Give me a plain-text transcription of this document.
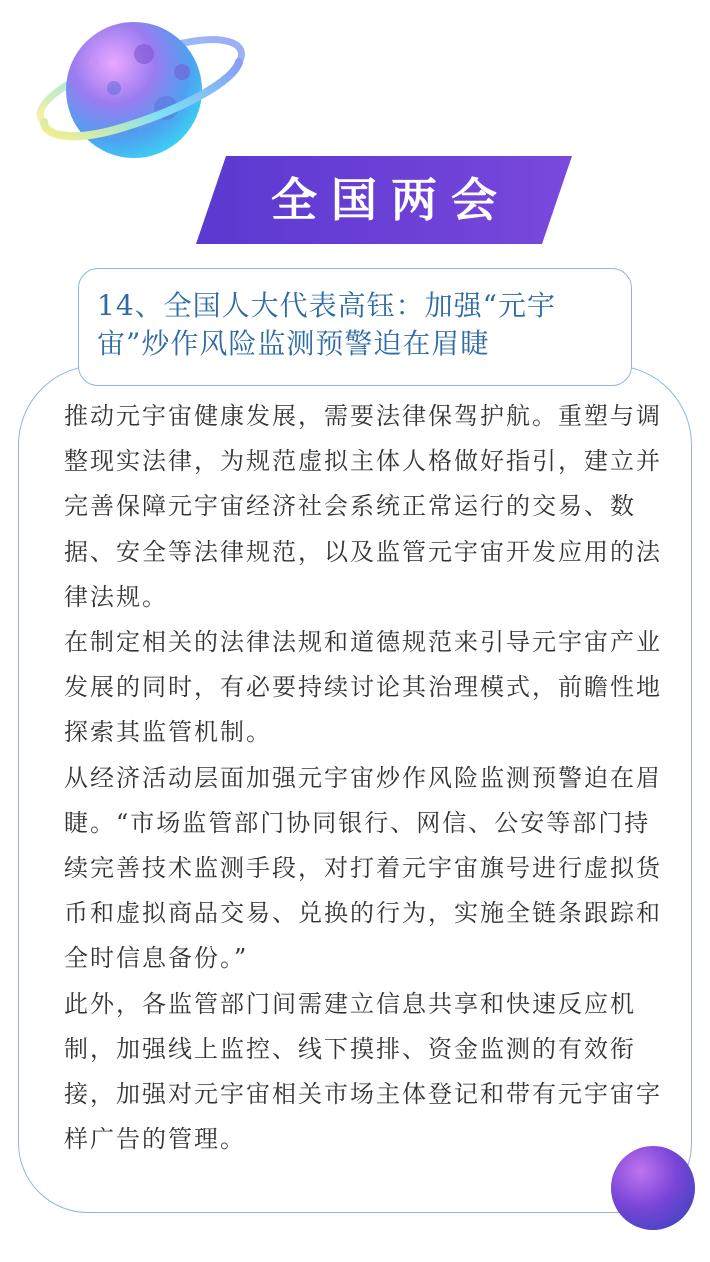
全国两会
14、全国人大代表高钰：加强“元宇宙”炒作风险监测预警迫在眉睫

推动元宇宙健康发展，需要法律保驾护航。重塑与调整现实法律，为规范虚拟主体人格做好指引，建立并完善保障元宇宙经济社会系统正常运行的交易、数据、安全等法律规范，以及监管元宇宙开发应用的法律法规。

在制定相关的法律法规和道德规范来引导元宇宙产业发展的同时，有必要持续讨论其治理模式，前瞻性地探索其监管机制。

从经济活动层面加强元宇宙炒作风险监测预警迫在眉睫。“市场监管部门协同银行、网信、公安等部门持续完善技术监测手段，对打着元宇宙旗号进行虚拟货币和虚拟商品交易、兑换的行为，实施全链条跟踪和全时信息备份。”

此外，各监管部门间需建立信息共享和快速反应机制，加强线上监控、线下摸排、资金监测的有效衔接，加强对元宇宙相关市场主体登记和带有元宇宙字样广告的管理。
